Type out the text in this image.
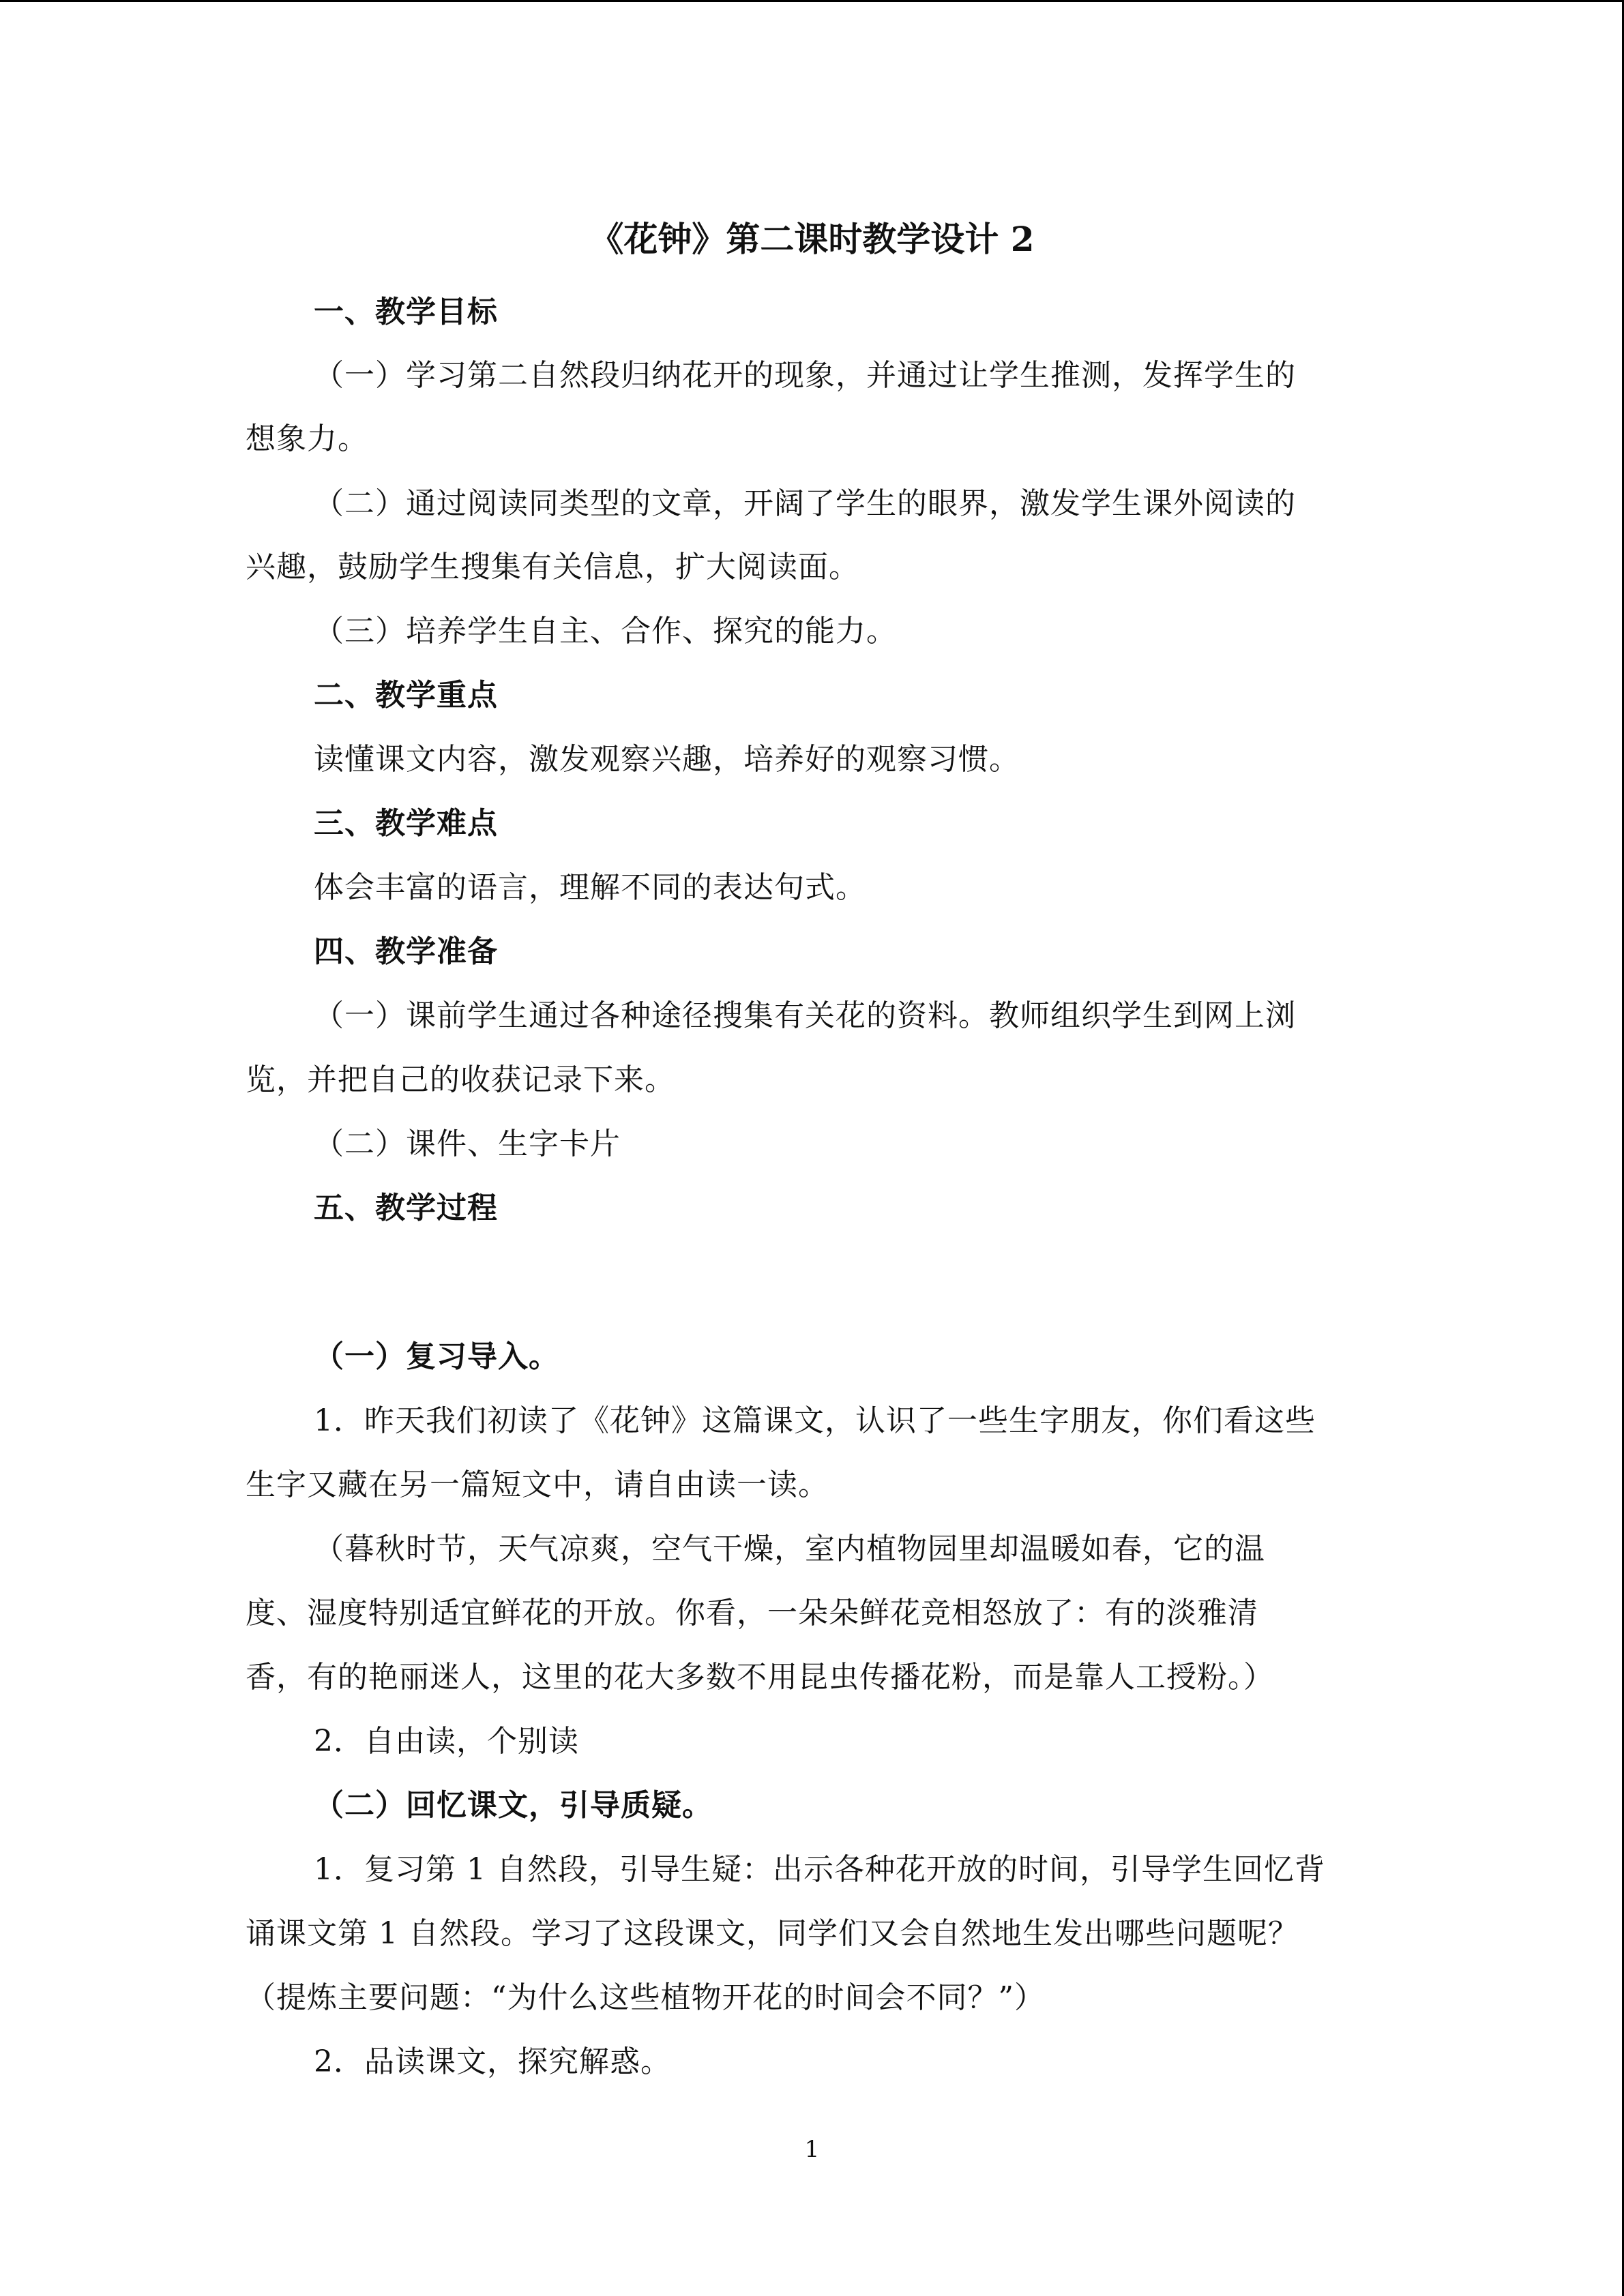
《花钟》第二课时教学设计 2
一、教学目标
（一）学习第二自然段归纳花开的现象，并通过让学生推测，发挥学生的
想象力。
（二）通过阅读同类型的文章，开阔了学生的眼界，激发学生课外阅读的
兴趣，鼓励学生搜集有关信息，扩大阅读面。
（三）培养学生自主、合作、探究的能力。
二、教学重点
读懂课文内容，激发观察兴趣，培养好的观察习惯。
三、教学难点
体会丰富的语言，理解不同的表达句式。
四、教学准备
（一）课前学生通过各种途径搜集有关花的资料。教师组织学生到网上浏
览，并把自己的收获记录下来。
（二）课件、生字卡片
五、教学过程
（一）复习导入。
1．昨天我们初读了《花钟》这篇课文，认识了一些生字朋友，你们看这些
生字又藏在另一篇短文中，请自由读一读。
（暮秋时节，天气凉爽，空气干燥，室内植物园里却温暖如春，它的温
度、湿度特别适宜鲜花的开放。你看，一朵朵鲜花竞相怒放了：有的淡雅清
香，有的艳丽迷人，这里的花大多数不用昆虫传播花粉，而是靠人工授粉。）
2．自由读，个别读
（二）回忆课文，引导质疑。
1．复习第 1 自然段，引导生疑：出示各种花开放的时间，引导学生回忆背
诵课文第 1 自然段。学习了这段课文，同学们又会自然地生发出哪些问题呢？
（提炼主要问题：“为什么这些植物开花的时间会不同？”）
2．品读课文，探究解惑。
1
